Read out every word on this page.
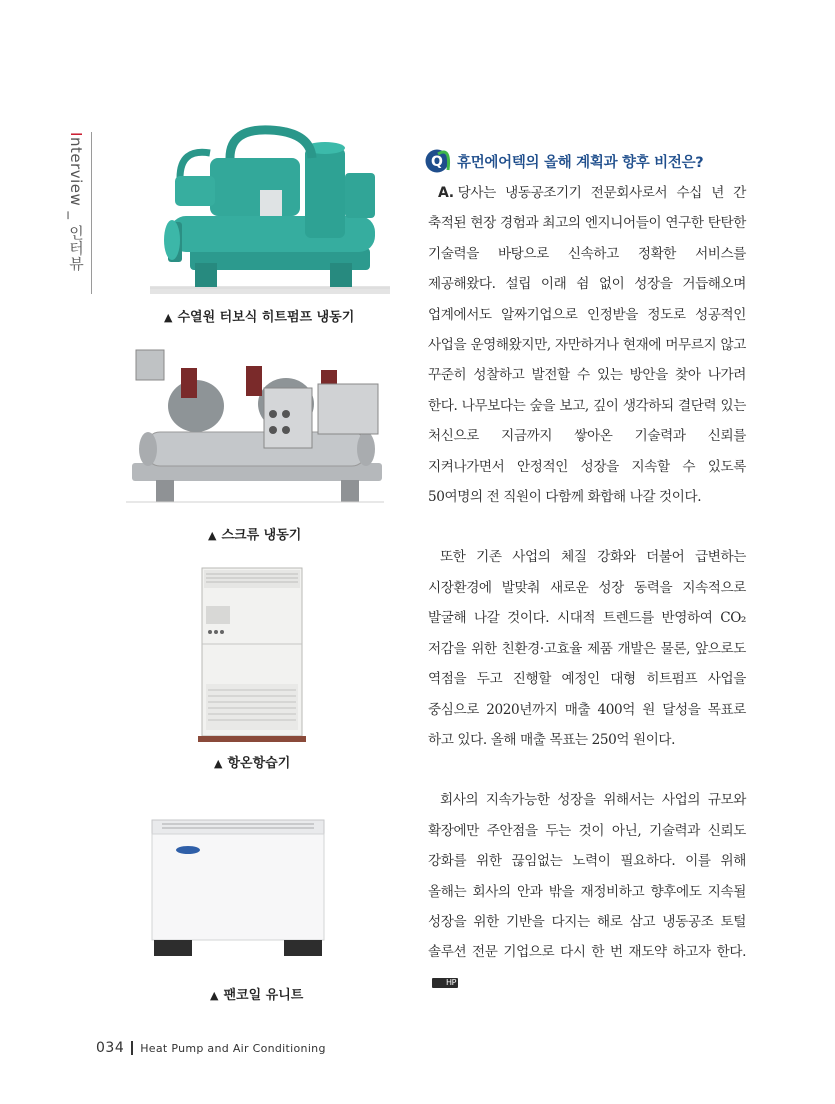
Interview _ 인터뷰
▲ 수열원 터보식 히트펌프 냉동기
▲ 스크류 냉동기
▲ 항온항습기
▲ 팬코일 유니트
Q 휴먼에어텍의 올해 계획과 향후 비전은?

A. 당사는 냉동공조기기 전문회사로서 수십 년 간 축적된 현장 경험과 최고의 엔지니어들이 연구한 탄탄한 기술력을 바탕으로 신속하고 정확한 서비스를 제공해왔다. 설립 이래 쉼 없이 성장을 거듭해오며 업계에서도 알짜기업으로 인정받을 정도로 성공적인 사업을 운영해왔지만, 자만하거나 현재에 머무르지 않고 꾸준히 성찰하고 발전할 수 있는 방안을 찾아 나가려 한다. 나무보다는 숲을 보고, 깊이 생각하되 결단력 있는 처신으로 지금까지 쌓아온 기술력과 신뢰를 지켜나가면서 안정적인 성장을 지속할 수 있도록 50여명의 전 직원이 다함께 화합해 나갈 것이다.

또한 기존 사업의 체질 강화와 더불어 급변하는 시장환경에 발맞춰 새로운 성장 동력을 지속적으로 발굴해 나갈 것이다. 시대적 트렌드를 반영하여 CO₂ 저감을 위한 친환경·고효율 제품 개발은 물론, 앞으로도 역점을 두고 진행할 예정인 대형 히트펌프 사업을 중심으로 2020년까지 매출 400억 원 달성을 목표로 하고 있다. 올해 매출 목표는 250억 원이다.

회사의 지속가능한 성장을 위해서는 사업의 규모와 확장에만 주안점을 두는 것이 아닌, 기술력과 신뢰도 강화를 위한 끊임없는 노력이 필요하다. 이를 위해 올해는 회사의 안과 밖을 재정비하고 향후에도 지속될 성장을 위한 기반을 다지는 해로 삼고 냉동공조 토털 솔루션 전문 기업으로 다시 한 번 재도약 하고자 한다.HP

034 Heat Pump and Air Conditioning
